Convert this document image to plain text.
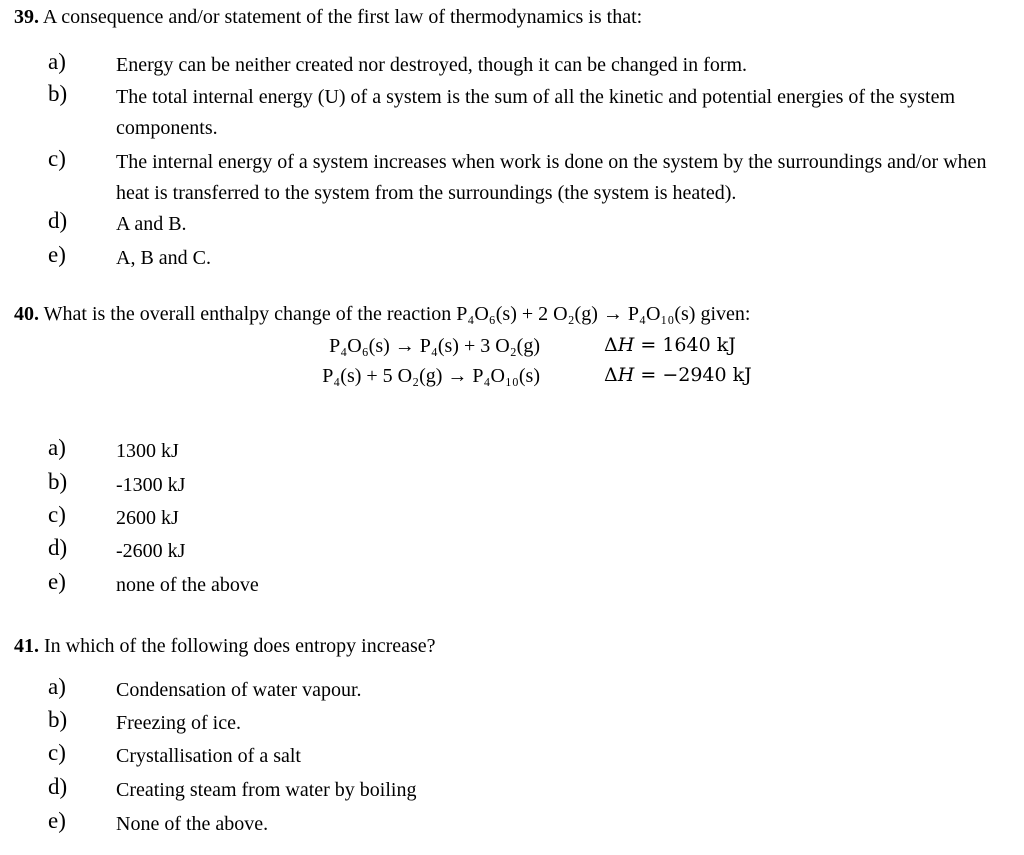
39. A consequence and/or statement of the first law of thermodynamics is that:
a)	Energy can be neither created nor destroyed, though it can be changed in form.
b) The total internal energy (U) of a system is the sum of all the kinetic and potential energies of the system components.
c)	The internal energy of a system increases when work is done on the system by the surroundings and/or when heat is transferred to the system from the surroundings (the system is heated).
d) A and B.
e)	A, B and C.
40. What is the overall enthalpy change of the reaction P₄O₆(s) + 2 O₂(g) → P₄O₁₀(s) given:
P₄O₆(s) → P₄(s) + 3 O₂(g)	ΔH = 1640 kJ
P₄(s) + 5 O₂(g) → P₄O₁₀(s)	ΔH = −2940 kJ
a)	1300 kJ
b) -1300 kJ
c)	2600 kJ
d) -2600 kJ
e)	none of the above
41. In which of the following does entropy increase?
a)	Condensation of water vapour.
b) Freezing of ice.
c)	Crystallisation of a salt
d) Creating steam from water by boiling
e)	None of the above.
